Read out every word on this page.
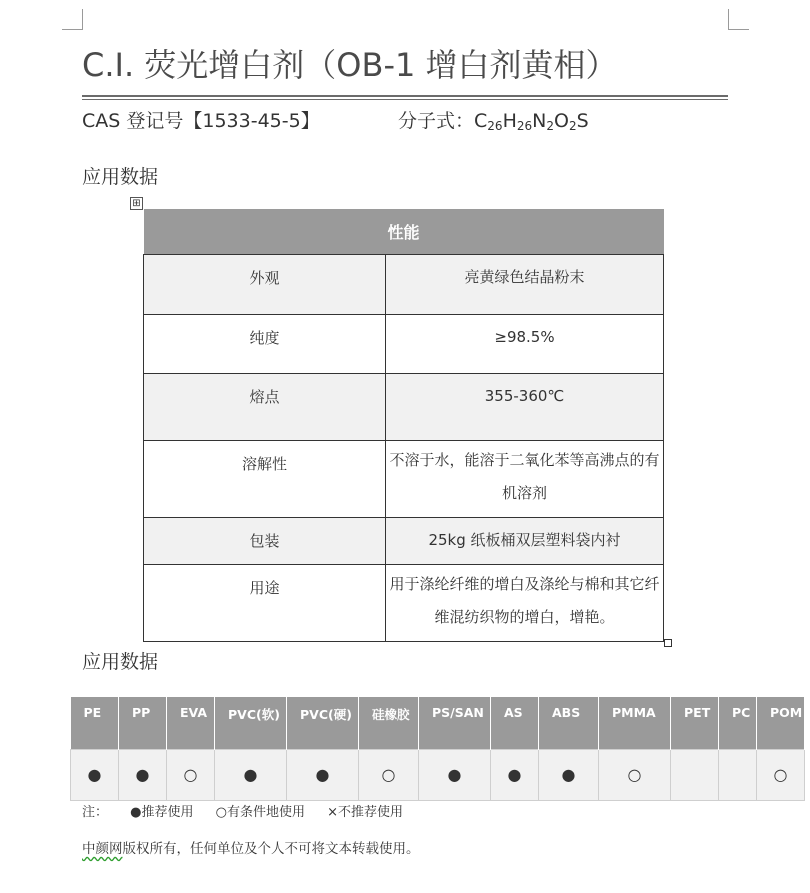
C.I. 荧光增白剂（OB-1 增白剂黄相）
CAS 登记号【1533-45-5】	分子式：$C_{26}H_{26}N_2O_2S$
应用数据
⊞
性能	
外观	亮黄绿色结晶粉末
纯度	≥98.5%
熔点	355-360℃
溶解性	不溶于水，能溶于二氧化苯等高沸点的有机溶剂
包装	25kg 纸板桶双层塑料袋内衬
用途	用于涤纶纤维的增白及涤纶与棉和其它纤维混纺织物的增白，增艳。
应用数据
PE	PP	EVA	PVC(软)	PVC(硬)	硅橡胶	PS/SAN	AS	ABS	PMMA	PET	PC	POM
●	●	○	●	●	○	●	●	●	○			○
注： ●推荐使用 ○有条件地使用 ×不推荐使用
中颜网版权所有，任何单位及个人不可将文本转载使用。
